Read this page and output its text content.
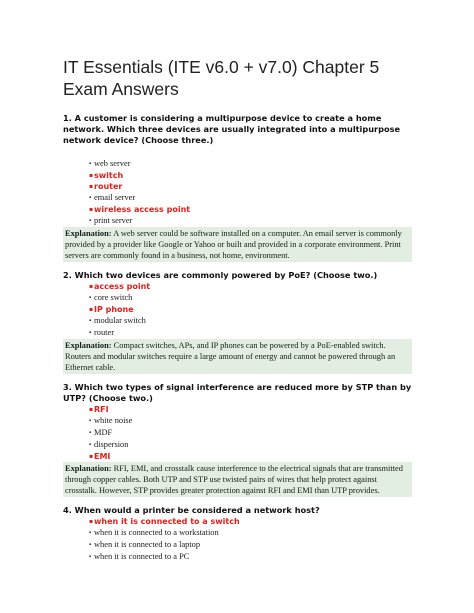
IT Essentials (ITE v6.0 + v7.0) Chapter 5 Exam Answers

1. A customer is considering a multipurpose device to create a home network. Which three devices are usually integrated into a multipurpose network device? (Choose three.)

▪ web server
▪switch
▪router
▪ email server
▪wireless access point
▪ print server

Explanation: A web server could be software installed on a computer. An email server is commonly provided by a provider like Google or Yahoo or built and provided in a corporate environment. Print servers are commonly found in a business, not home, environment.

2. Which two devices are commonly powered by PoE? (Choose two.)

▪access point
▪ core switch
▪IP phone
▪ modular switch
▪ router

Explanation: Compact switches, APs, and IP phones can be powered by a PoE-enabled switch. Routers and modular switches require a large amount of energy and cannot be powered through an Ethernet cable.

3. Which two types of signal interference are reduced more by STP than by UTP? (Choose two.)

▪RFI
▪ white noise
▪ MDF
▪ dispersion
▪EMI

Explanation: RFI, EMI, and crosstalk cause interference to the electrical signals that are transmitted through copper cables. Both UTP and STP use twisted pairs of wires that help protect against crosstalk. However, STP provides greater protection against RFI and EMI than UTP provides.

4. When would a printer be considered a network host?

▪when it is connected to a switch
▪ when it is connected to a workstation
▪ when it is connected to a laptop
▪ when it is connected to a PC
